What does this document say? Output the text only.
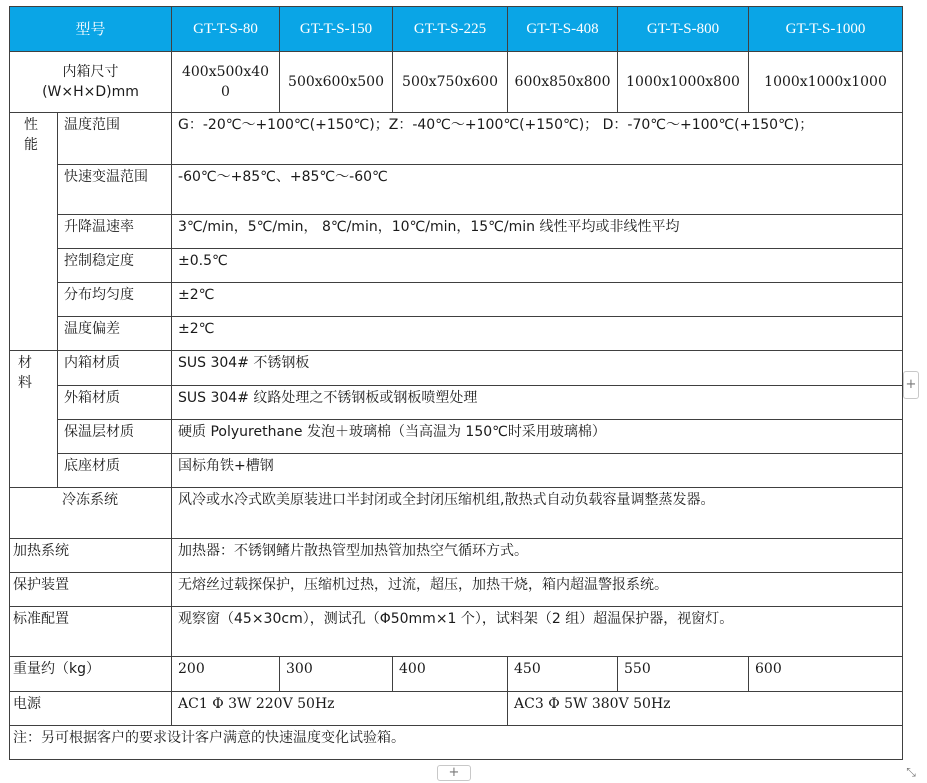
型号		GT-T-S-80	GT-T-S-150	GT-T-S-225	GT-T-S-408	GT-T-S-800	GT-T-S-1000
内箱尺寸
(W×H×D)mm		400x500x400	500x600x500	500x750x600	600x850x800	1000x1000x800	1000x1000x1000
性
能	温度范围	G：-20℃～+100℃(+150℃)；Z：-40℃～+100℃(+150℃)； D：-70℃～+100℃(+150℃)；					
	快速变温范围	-60℃～+85℃、+85℃～-60℃					
	升降温速率	3℃/min，5℃/min， 8℃/min，10℃/min，15℃/min 线性平均或非线性平均					
	控制稳定度	±0.5℃					
	分布均匀度	±2℃					
	温度偏差	±2℃					
材
料	内箱材质	SUS 304# 不锈钢板					
	外箱材质	SUS 304# 纹路处理之不锈钢板或钢板喷塑处理					
	保温层材质	硬质 Polyurethane 发泡＋玻璃棉（当高温为 150℃时采用玻璃棉）					
	底座材质	国标角铁+槽钢					
冷冻系统		风冷或水冷式欧美原装进口半封闭或全封闭压缩机组,散热式自动负载容量调整蒸发器。					
加热系统		加热器：不锈钢鳍片散热管型加热管加热空气循环方式。					
保护装置		无熔丝过载探保护，压缩机过热，过流，超压，加热干烧，箱内超温警报系统。					
标准配置		观察窗（45×30cm），测试孔（Φ50mm×1 个），试料架（2 组）超温保护器，视窗灯。					
重量约（kg）		200	300	400	450	550	600
电源		AC1 Φ 3W 220V 50Hz			AC3 Φ 5W 380V 50Hz		
注：另可根据客户的要求设计客户满意的快速温度变化试验箱。							
+
+	⤡
